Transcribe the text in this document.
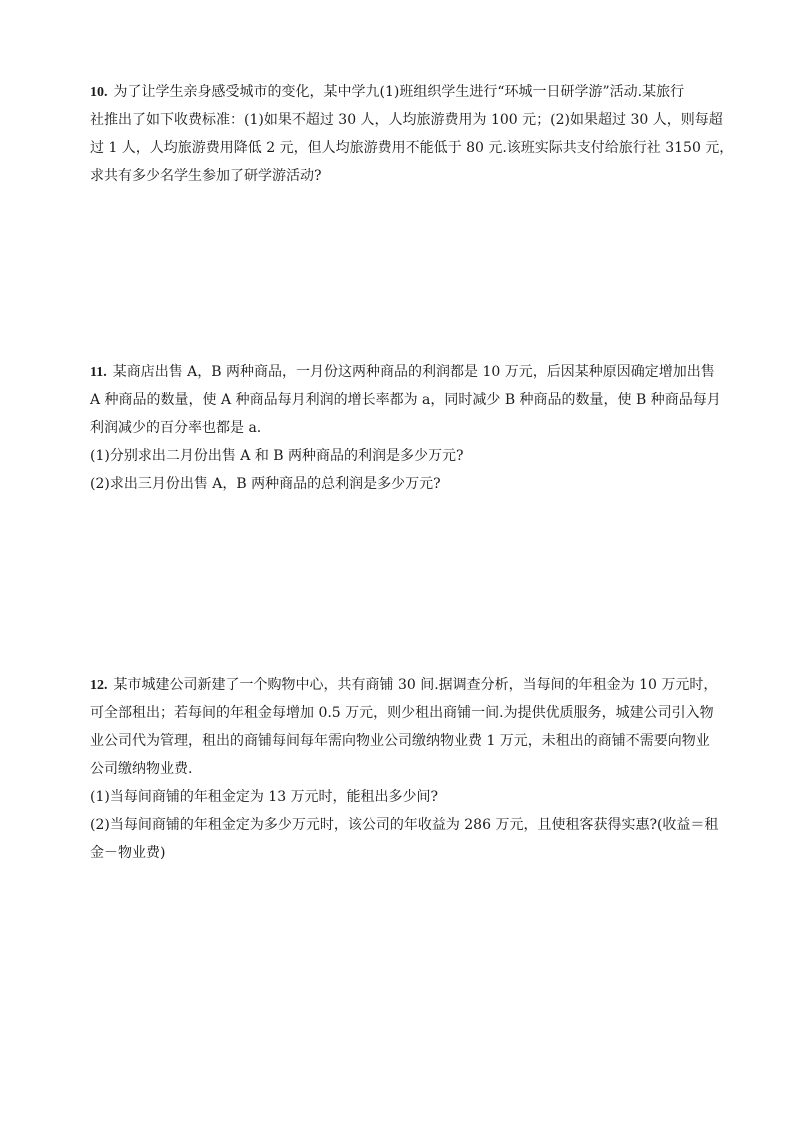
10. 为了让学生亲身感受城市的变化，某中学九(1)班组织学生进行“环城一日研学游”活动.某旅行
社推出了如下收费标准：(1)如果不超过 30 人，人均旅游费用为 100 元；(2)如果超过 30 人，则每超
过 1 人，人均旅游费用降低 2 元，但人均旅游费用不能低于 80 元.该班实际共支付给旅行社 3150 元，
求共有多少名学生参加了研学游活动?
11. 某商店出售 A，B 两种商品，一月份这两种商品的利润都是 10 万元，后因某种原因确定增加出售
A 种商品的数量，使 A 种商品每月利润的增长率都为 a，同时减少 B 种商品的数量，使 B 种商品每月
利润减少的百分率也都是 a.
(1)分别求出二月份出售 A 和 B 两种商品的利润是多少万元?
(2)求出三月份出售 A，B 两种商品的总利润是多少万元?
12. 某市城建公司新建了一个购物中心，共有商铺 30 间.据调查分析，当每间的年租金为 10 万元时，
可全部租出；若每间的年租金每增加 0.5 万元，则少租出商铺一间.为提供优质服务，城建公司引入物
业公司代为管理，租出的商铺每间每年需向物业公司缴纳物业费 1 万元，未租出的商铺不需要向物业
公司缴纳物业费.
(1)当每间商铺的年租金定为 13 万元时，能租出多少间?
(2)当每间商铺的年租金定为多少万元时，该公司的年收益为 286 万元，且使租客获得实惠?(收益＝租
金－物业费)
